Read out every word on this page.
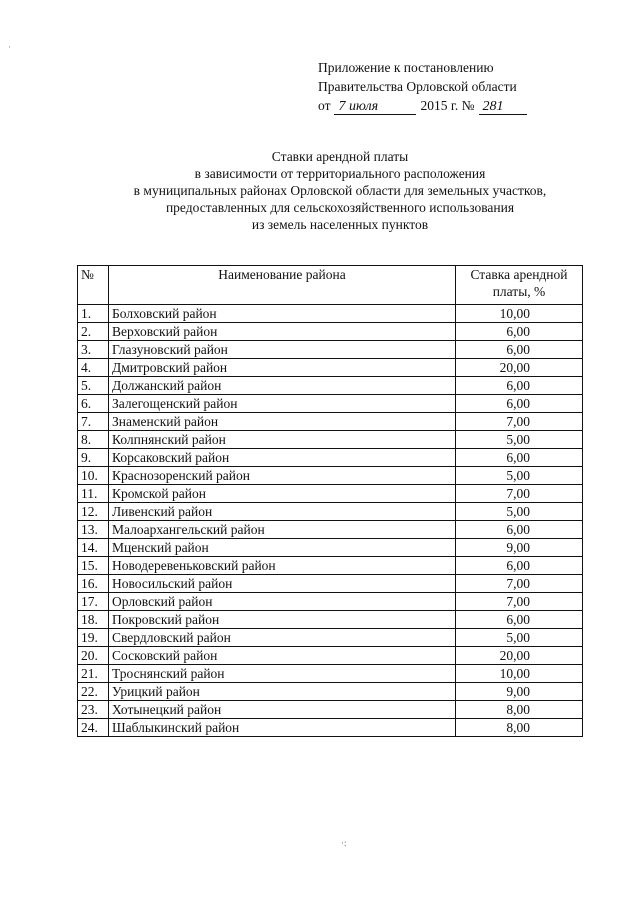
·
Приложение к постановлению
Правительства Орловской области
от 7 июля	2015 г. № 281
Ставки арендной платы
в зависимости от территориального расположения
в муниципальных районах Орловской области для земельных участков,
предоставленных для сельскохозяйственного использования
из земель населенных пунктов
№	Наименование района	Ставка арендной платы, %
1.	Болховский район	10,00
2.	Верховский район	6,00
3.	Глазуновский район	6,00
4.	Дмитровский район	20,00
5.	Должанский район	6,00
6.	Залегощенский район	6,00
7.	Знаменский район	7,00
8.	Колпнянский район	5,00
9.	Корсаковский район	6,00
10.	Краснозоренский район	5,00
11.	Кромской район	7,00
12.	Ливенский район	5,00
13.	Малоархангельский район	6,00
14.	Мценский район	9,00
15.	Новодеревеньковский район	6,00
16.	Новосильский район	7,00
17.	Орловский район	7,00
18.	Покровский район	6,00
19.	Свердловский район	5,00
20.	Сосковский район	20,00
21.	Троснянский район	10,00
22.	Урицкий район	9,00
23.	Хотынецкий район	8,00
24.	Шаблыкинский район	8,00
·:
